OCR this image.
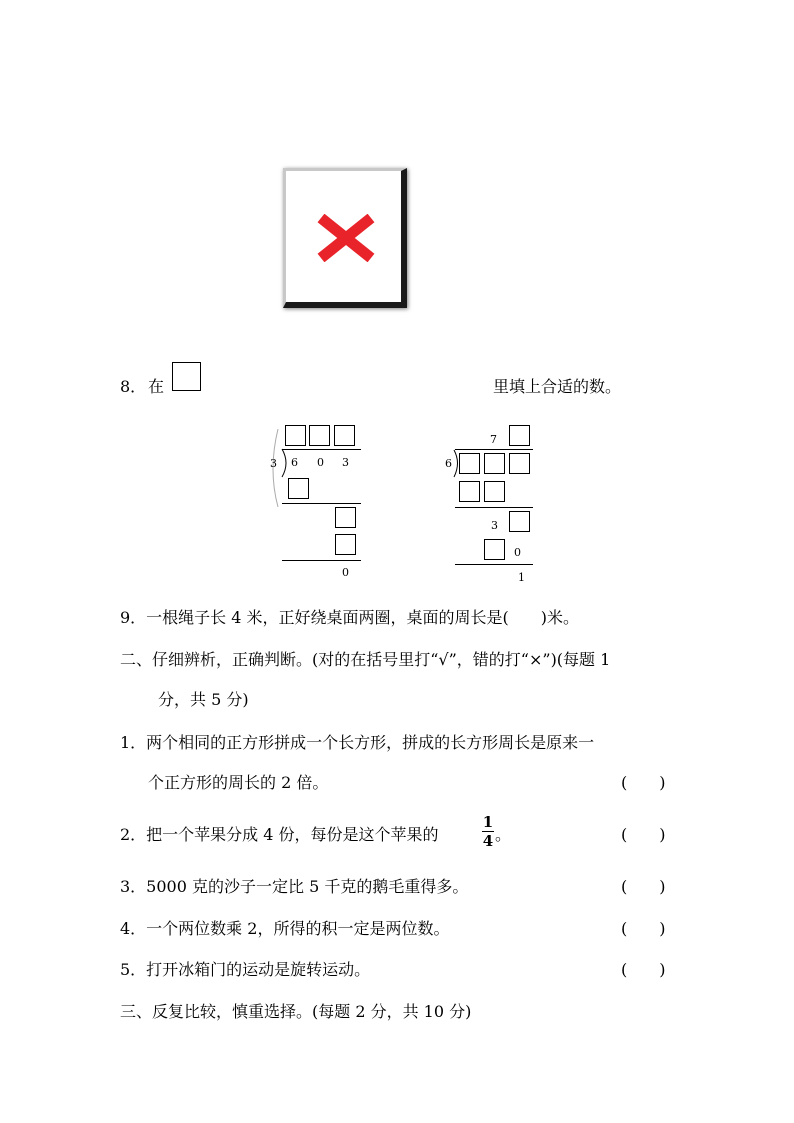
8． 在	里填上合适的数。
3 6 0 3
0
7
6
3
0
1
9．一根绳子长 4 米，正好绕桌面两圈，桌面的周长是(　　)米。
二、仔细辨析，正确判断。(对的在括号里打“√”，错的打“×”)(每题 1
分，共 5 分)
1．两个相同的正方形拼成一个长方形，拼成的长方形周长是原来一
个正方形的周长的 2 倍。	(　　)
2．把一个苹果分成 4 份，每份是这个苹果的
1
4 。	(　　)
3．5000 克的沙子一定比 5 千克的鹅毛重得多。	(　　)
4．一个两位数乘 2，所得的积一定是两位数。	(　　)
5．打开冰箱门的运动是旋转运动。	(　　)
三、反复比较，慎重选择。(每题 2 分，共 10 分)
